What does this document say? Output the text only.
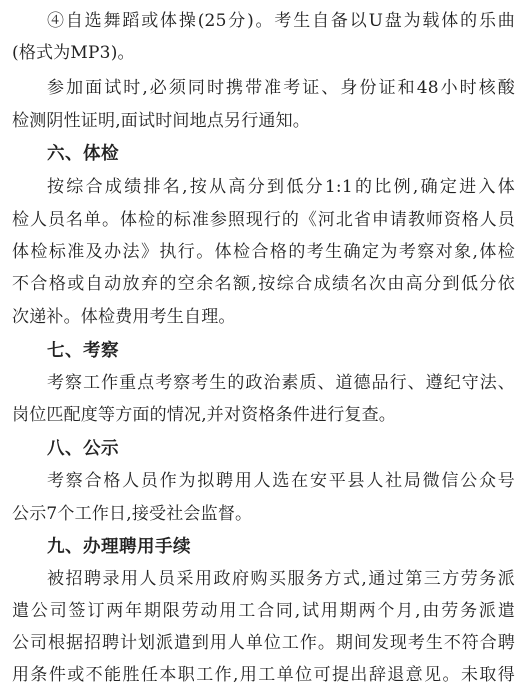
④自选舞蹈或体操(25分)。考生自备以U盘为载体的乐曲
(格式为MP3)。
参加面试时,必须同时携带准考证、身份证和48小时核酸
检测阴性证明,面试时间地点另行通知。
六、体检
按综合成绩排名,按从高分到低分1:1的比例,确定进入体
检人员名单。体检的标准参照现行的《河北省申请教师资格人员
体检标准及办法》执行。体检合格的考生确定为考察对象,体检
不合格或自动放弃的空余名额,按综合成绩名次由高分到低分依
次递补。体检费用考生自理。
七、考察
考察工作重点考察考生的政治素质、道德品行、遵纪守法、
岗位匹配度等方面的情况,并对资格条件进行复查。
八、公示
考察合格人员作为拟聘用人选在安平县人社局微信公众号
公示7个工作日,接受社会监督。
九、办理聘用手续
被招聘录用人员采用政府购买服务方式,通过第三方劳务派
遣公司签订两年期限劳动用工合同,试用期两个月,由劳务派遣
公司根据招聘计划派遣到用人单位工作。期间发现考生不符合聘
用条件或不能胜任本职工作,用工单位可提出辞退意见。未取得
